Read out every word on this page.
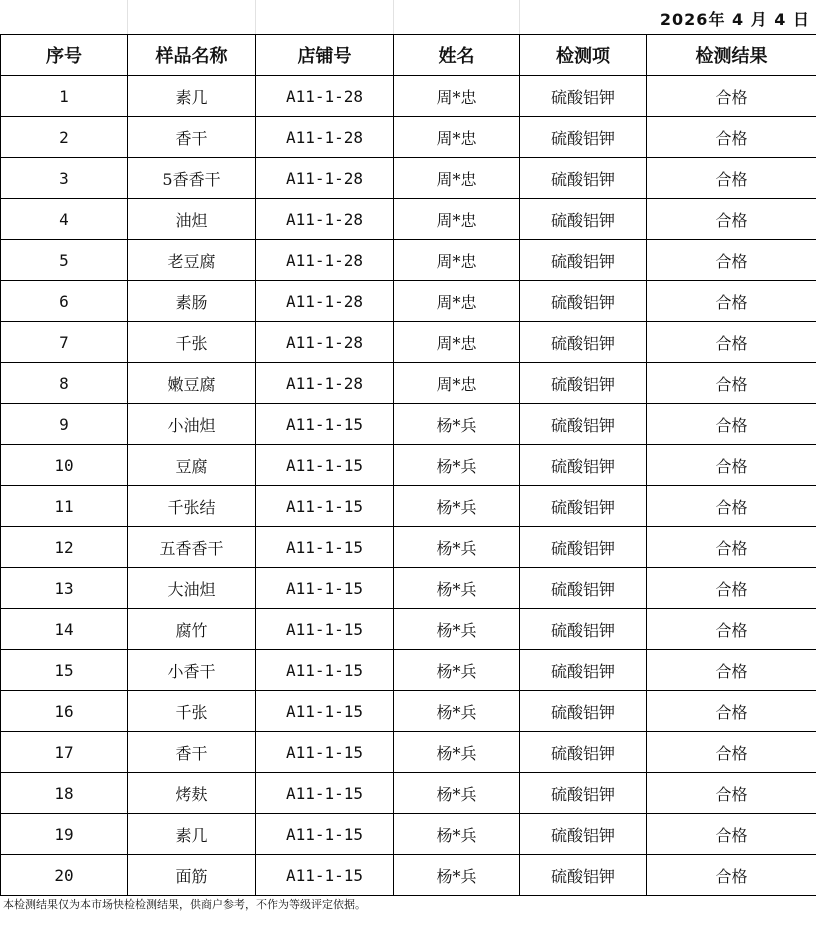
2026年 4 月 4 日
序号	样品名称	店铺号	姓名	检测项	检测结果
1	素几	A11-1-28	周*忠	硫酸铝钾	合格
2	香干	A11-1-28	周*忠	硫酸铝钾	合格
3	5香香干	A11-1-28	周*忠	硫酸铝钾	合格
4	油炟	A11-1-28	周*忠	硫酸铝钾	合格
5	老豆腐	A11-1-28	周*忠	硫酸铝钾	合格
6	素肠	A11-1-28	周*忠	硫酸铝钾	合格
7	千张	A11-1-28	周*忠	硫酸铝钾	合格
8	嫩豆腐	A11-1-28	周*忠	硫酸铝钾	合格
9	小油炟	A11-1-15	杨*兵	硫酸铝钾	合格
10	豆腐	A11-1-15	杨*兵	硫酸铝钾	合格
11	千张结	A11-1-15	杨*兵	硫酸铝钾	合格
12	五香香干	A11-1-15	杨*兵	硫酸铝钾	合格
13	大油炟	A11-1-15	杨*兵	硫酸铝钾	合格
14	腐竹	A11-1-15	杨*兵	硫酸铝钾	合格
15	小香干	A11-1-15	杨*兵	硫酸铝钾	合格
16	千张	A11-1-15	杨*兵	硫酸铝钾	合格
17	香干	A11-1-15	杨*兵	硫酸铝钾	合格
18	烤麸	A11-1-15	杨*兵	硫酸铝钾	合格
19	素几	A11-1-15	杨*兵	硫酸铝钾	合格
20	面筋	A11-1-15	杨*兵	硫酸铝钾	合格
本检测结果仅为本市场快检检测结果，供商户参考，不作为等级评定依据。
